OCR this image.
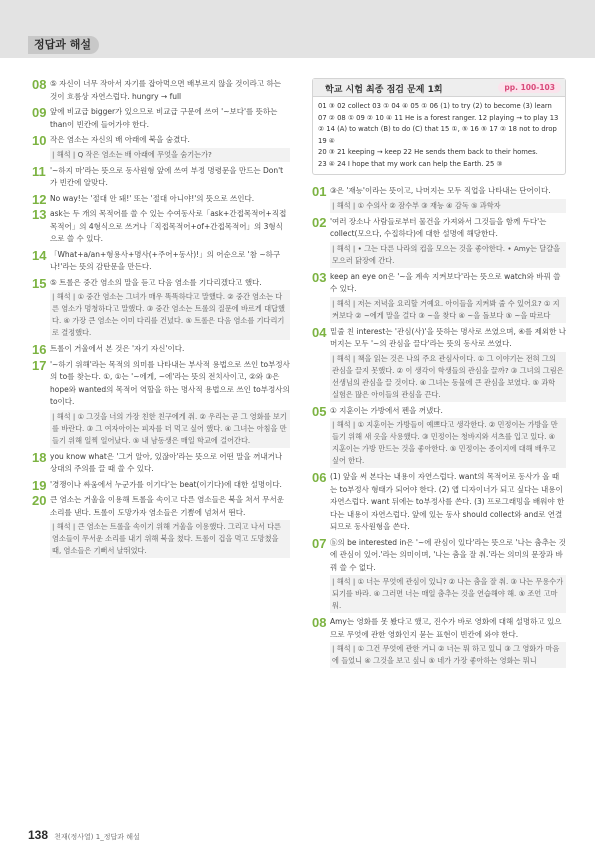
정답과 해설
08 ⑤ 자신이 너무 작아서 자기를 잡아먹으면 배부르지 않을 것이라고 하는 것이 흐름상 자연스럽다. hungry → full
09 앞에 비교급 bigger가 있으므로 비교급 구문에 쓰여 '~보다'를 뜻하는 than이 빈칸에 들어가야 한다.
10 작은 염소는 자신의 배 아래에 북을 숨겼다.
| 해석 | Q 작은 염소는 배 아래에 무엇을 숨기는가?
11 '~하지 마'라는 뜻으로 동사원형 앞에 쓰여 부정 명령문을 만드는 Don't가 빈칸에 알맞다.
12 No way!는 '절대 안 돼!' 또는 '절대 아니야!'의 뜻으로 쓰인다.
13 ask는 두 개의 목적어를 쓸 수 있는 수여동사로「ask+간접목적어+직접목적어」의 4형식으로 쓰거나「직접목적어+of+간접목적어」의 3형식으로 쓸 수 있다.
14 「What+a/an+형용사+명사(+주어+동사)!」의 어순으로 '참 ~하구나!'라는 뜻의 감탄문을 만든다.
15 ⑤ 트롤은 중간 염소의 말을 듣고 다음 염소를 기다리겠다고 했다.
| 해석 | ① 중간 염소는 그녀가 매우 똑똑하다고 말했다. ② 중간 염소는 다른 염소가 멍청하다고 말했다. ③ 중간 염소는 트롤의 질문에 바르게 대답했다. ④ 가장 큰 염소는 이미 다리를 건넜다. ⑤ 트롤은 다음 염소를 기다리기로 결정했다.
16 트롤이 거울에서 본 것은 '자기 자신'이다.
17 '~하기 위해'라는 목적의 의미를 나타내는 부사적 용법으로 쓰인 to부정사의 to를 찾는다. ①, ①는 '~에게, ~에'라는 뜻의 전치사이고, ②와 ③은 hope와 wanted의 목적어 역할을 하는 명사적 용법으로 쓰인 to부정사의 to이다.
| 해석 | ① 그것을 너의 가장 친한 친구에게 줘. ② 우리는 곧 그 영화를 보기를 바란다. ③ 그 여자아이는 피자를 더 먹고 싶어 했다. ④ 그녀는 아침을 만들기 위해 일찍 일어났다. ⑤ 내 남동생은 매일 학교에 걸어간다.
18 you know what은 '그거 알아, 있잖아'라는 뜻으로 어떤 말을 꺼내거나 상대의 주의를 끌 때 쓸 수 있다.
19 '경쟁이나 싸움에서 누군가를 이기다'는 beat(이기다)에 대한 설명이다.
20 큰 염소는 거울을 이용해 트롤을 속이고 다른 염소들은 북을 쳐서 무서운 소리를 낸다. 트롤이 도망가자 염소들은 기쁨에 넘쳐서 뛴다.
| 해석 | 큰 염소는 트롤을 속이기 위해 거울을 이용했다. 그리고 나서 다른 염소들이 무서운 소리를 내기 위해 북을 쳤다. 트롤이 겁을 먹고 도망쳤을 때, 염소들은 기뻐서 날뛰었다.
학교 시험 최종 점검 문제 1회	pp. 100-103
01 ③ 02 collect 03 ① 04 ④ 05 ① 06 (1) to try (2) to become (3) learn 07 ② 08 ① 09 ② 10 ④ 11 He is a forest ranger. 12 playing → to play 13 ② 14 (A) to watch (B) to do (C) that 15 ①, ⑤ 16 ⑤ 17 ② 18 not to drop 19 ④
20 ③ 21 keeping → keep 22 He sends them back to their homes.
23 ④ 24 I hope that my work can help the Earth. 25 ③
01 ③은 '재능'이라는 뜻이고, 나머지는 모두 직업을 나타내는 단어이다.
| 해석 | ① 수의사 ② 잠수부 ③ 재능 ④ 감독 ⑤ 과학자
02 '여러 장소나 사람들로부터 물건을 가져와서 그것들을 함께 두다'는 collect(모으다, 수집하다)에 대한 설명에 해당한다.
| 해석 | • 그는 다른 나라의 컵을 모으는 것을 좋아한다. • Amy는 달걀을 모으러 닭장에 간다.
03 keep an eye on은 '~을 계속 지켜보다'라는 뜻으로 watch와 바꿔 쓸 수 있다.
| 해석 | 저는 저녁을 요리할 거예요. 아이들을 지켜봐 줄 수 있어요? ① 지켜보다 ② ~에게 말을 걸다 ③ ~을 찾다 ④ ~을 돌보다 ⑤ ~을 따르다
04 밑줄 친 interest는 '관심(사)'을 뜻하는 명사로 쓰였으며, ④를 제외한 나머지는 모두 '~의 관심을 끌다'라는 뜻의 동사로 쓰였다.
| 해석 | 책을 읽는 것은 나의 주요 관심사이다. ① 그 이야기는 전혀 그의 관심을 끌지 못했다. ② 이 생각이 학생들의 관심을 끌까? ③ 그녀의 그림은 선생님의 관심을 끌 것이다. ④ 그녀는 동물에 큰 관심을 보였다. ⑤ 과학 실험은 많은 아이들의 관심을 끈다.
05 ① 지훈이는 가방에서 펜을 꺼냈다.
| 해석 | ① 지훈이는 가방들이 예쁘다고 생각한다. ② 민정이는 가방을 만들기 위해 새 옷을 사용했다. ③ 민정이는 청바지와 셔츠를 입고 있다. ④ 지훈이는 가방 만드는 것을 좋아한다. ⑤ 민정이는 종이지에 대해 배우고 싶어 한다.
06 (1) 앞을 써 본다는 내용이 자연스럽다. want의 목적어로 동사가 올 때는 to부정사 형태가 되어야 한다. (2) 앱 디자이너가 되고 싶다는 내용이 자연스럽다. want 뒤에는 to부정사를 쓴다. (3) 프로그래밍을 배워야 한다는 내용이 자연스럽다. 앞에 있는 동사 should collect와 and로 연결되므로 동사원형을 쓴다.
07 ⓑ의 be interested in은 '~에 관심이 있다'라는 뜻으로 '나는 춤추는 것에 관심이 있어.'라는 의미이며, '나는 춤을 잘 춰.'라는 의미의 문장과 바꿔 쓸 수 없다.
| 해석 | ① 너는 무엇에 관심이 있니? ② 나는 춤을 잘 춰. ③ 나는 무용수가 되기를 바라. ④ 그러면 너는 매일 춤추는 것을 연습해야 해. ⑤ 조언 고마워.
08 Amy는 영화를 못 봤다고 했고, 진수가 바로 영화에 대해 설명하고 있으므로 무엇에 관한 영화인지 묻는 표현이 빈칸에 와야 한다.
| 해석 | ① 그건 무엇에 관한 거니 ② 너는 뭐 하고 있니 ③ 그 영화가 마음에 들었니 ④ 그것을 보고 싶니 ⑤ 네가 가장 좋아하는 영화는 뭐니
138 천재(정사열) 1_정답과 해설
